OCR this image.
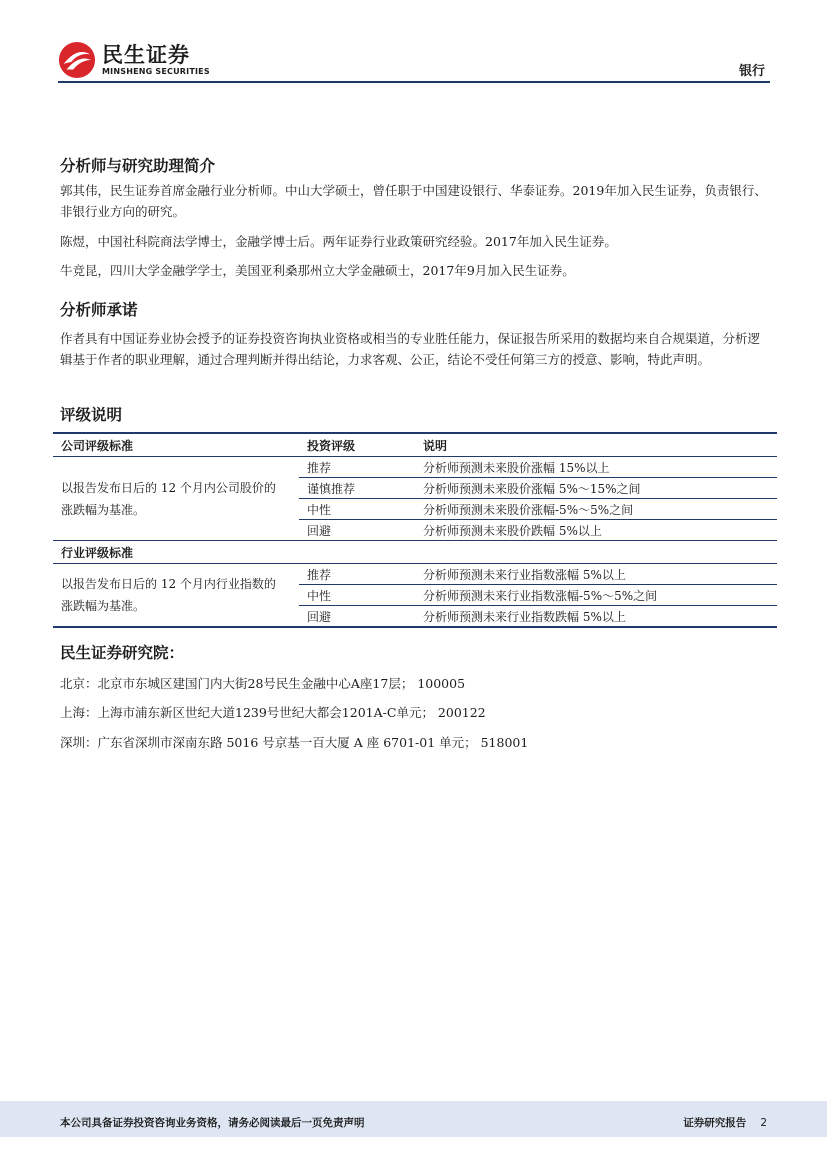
民生证券
MINSHENG SECURITIES	银行
分析师与研究助理简介
郭其伟，民生证券首席金融行业分析师。中山大学硕士，曾任职于中国建设银行、华泰证券。2019年加入民生证券，负责银行、非银行业方向的研究。
陈煜，中国社科院商法学博士，金融学博士后。两年证券行业政策研究经验。2017年加入民生证券。
牛竞昆，四川大学金融学学士，美国亚利桑那州立大学金融硕士，2017年9月加入民生证券。
分析师承诺
作者具有中国证券业协会授予的证券投资咨询执业资格或相当的专业胜任能力，保证报告所采用的数据均来自合规渠道，分析逻辑基于作者的职业理解，通过合理判断并得出结论，力求客观、公正，结论不受任何第三方的授意、影响，特此声明。
评级说明
公司评级标准	投资评级	说明
以报告发布日后的 12 个月内公司股价的涨跌幅为基准。	推荐	分析师预测未来股价涨幅 15%以上
	谨慎推荐	分析师预测未来股价涨幅 5%～15%之间
	中性	分析师预测未来股价涨幅-5%～5%之间
	回避	分析师预测未来股价跌幅 5%以上
行业评级标准		
以报告发布日后的 12 个月内行业指数的涨跌幅为基准。	推荐	分析师预测未来行业指数涨幅 5%以上
	中性	分析师预测未来行业指数涨幅-5%～5%之间
	回避	分析师预测未来行业指数跌幅 5%以上
民生证券研究院：
北京：北京市东城区建国门内大街28号民生金融中心A座17层； 100005
上海：上海市浦东新区世纪大道1239号世纪大都会1201A-C单元； 200122
深圳：广东省深圳市深南东路 5016 号京基一百大厦 A 座 6701-01 单元； 518001
本公司具备证券投资咨询业务资格，请务必阅读最后一页免责声明	证券研究报告 2
